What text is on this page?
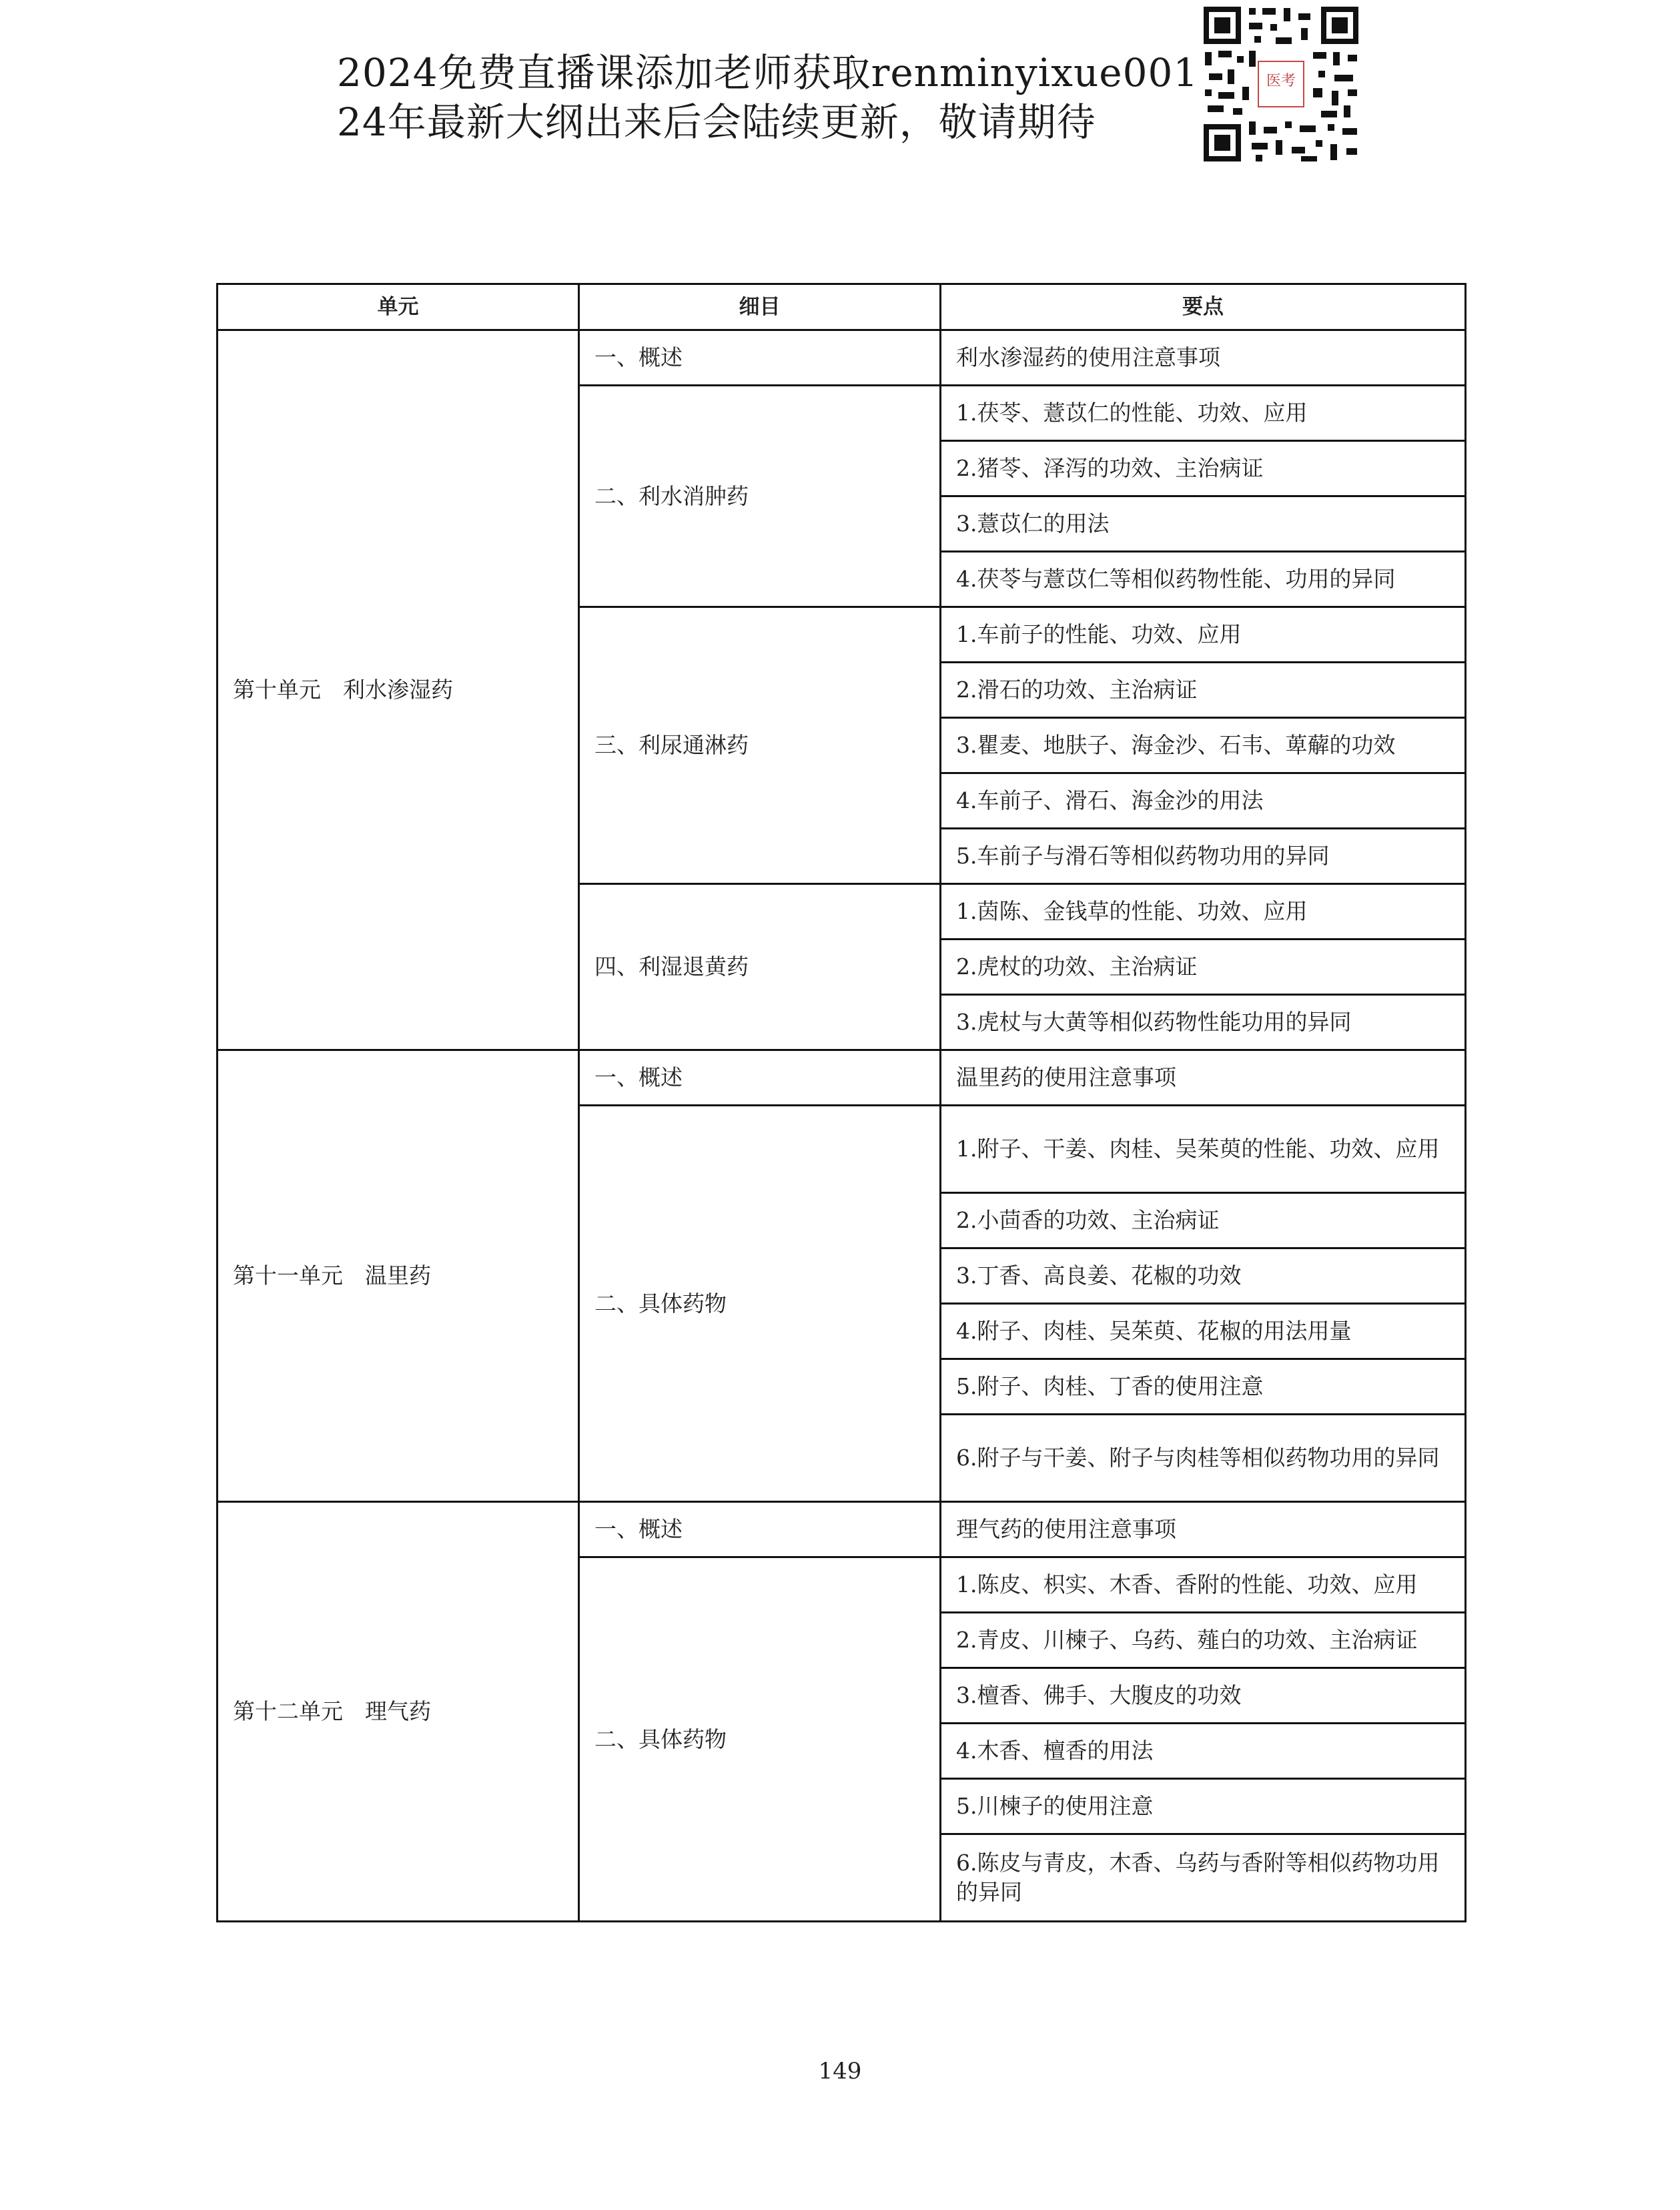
2024免费直播课添加老师获取renminyixue001
24年最新大纲出来后会陆续更新，敬请期待
医考
单元	细目	要点
第十单元　利水渗湿药	一、概述	利水渗湿药的使用注意事项
	二、利水消肿药	1.茯苓、薏苡仁的性能、功效、应用
		2.猪苓、泽泻的功效、主治病证
		3.薏苡仁的用法
		4.茯苓与薏苡仁等相似药物性能、功用的异同
	三、利尿通淋药	1.车前子的性能、功效、应用
		2.滑石的功效、主治病证
		3.瞿麦、地肤子、海金沙、石韦、萆薢的功效
		4.车前子、滑石、海金沙的用法
		5.车前子与滑石等相似药物功用的异同
	四、利湿退黄药	1.茵陈、金钱草的性能、功效、应用
		2.虎杖的功效、主治病证
		3.虎杖与大黄等相似药物性能功用的异同
第十一单元　温里药	一、概述	温里药的使用注意事项
	二、具体药物	1.附子、干姜、肉桂、吴茱萸的性能、功效、应用
		2.小茴香的功效、主治病证
		3.丁香、高良姜、花椒的功效
		4.附子、肉桂、吴茱萸、花椒的用法用量
		5.附子、肉桂、丁香的使用注意
		6.附子与干姜、附子与肉桂等相似药物功用的异同
第十二单元　理气药	一、概述	理气药的使用注意事项
	二、具体药物	1.陈皮、枳实、木香、香附的性能、功效、应用
		2.青皮、川楝子、乌药、薤白的功效、主治病证
		3.檀香、佛手、大腹皮的功效
		4.木香、檀香的用法
		5.川楝子的使用注意
		6.陈皮与青皮，木香、乌药与香附等相似药物功用的异同
149
